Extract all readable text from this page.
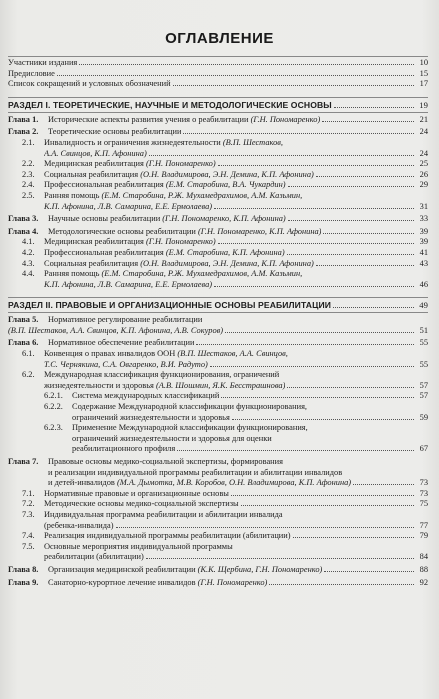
ОГЛАВЛЕНИЕ
Участники издания	10
Предисловие	15
Список сокращений и условных обозначений	17
РАЗДЕЛ I. ТЕОРЕТИЧЕСКИЕ, НАУЧНЫЕ И МЕТОДОЛОГИЧЕСКИЕ ОСНОВЫ	19
Глава 1.	Исторические аспекты развития учения о реабилитации (Г.Н. Пономаренко)	21
Глава 2.	Теоретические основы реабилитации	24
2.1.	Инвалидность и ограничения жизнедеятельности (В.П. Шестаков,
А.А. Свинцов, К.П. Афонина)	24
2.2.	Медицинская реабилитация (Г.Н. Пономаренко)	25
2.3.	Социальная реабилитация (О.Н. Владимирова, Э.Н. Демина, К.П. Афонина)	26
2.4.	Профессиональная реабилитация (Е.М. Старобина, В.А. Чукардин)	29
2.5.	Ранняя помощь (Е.М. Старобина, Р.Ж. Мухамедрахимов, А.М. Казьмин,
К.П. Афонина, Л.В. Самарина, Е.Е. Ермолаева)	31
Глава 3.	Научные основы реабилитации (Г.Н. Пономаренко, К.П. Афонина)	33
Глава 4.	Методологические основы реабилитации (Г.Н. Пономаренко, К.П. Афонина)	39
4.1.	Медицинская реабилитация (Г.Н. Пономаренко)	39
4.2.	Профессиональная реабилитация (Е.М. Старобина, К.П. Афонина)	41
4.3.	Социальная реабилитация (О.Н. Владимирова, Э.Н. Демина, К.П. Афонина)	43
4.4.	Ранняя помощь (Е.М. Старобина, Р.Ж. Мухамедрахимов, А.М. Казьмин,
К.П. Афонина, Л.В. Самарина, Е.Е. Ермолаева)	46
РАЗДЕЛ II. ПРАВОВЫЕ И ОРГАНИЗАЦИОННЫЕ ОСНОВЫ РЕАБИЛИТАЦИИ	49
Глава 5.	Нормативное регулирование реабилитации
(В.П. Шестаков, А.А. Свинцов, К.П. Афонина, А.В. Сокуров)	51
Глава 6.	Нормативное обеспечение реабилитации	55
6.1.	Конвенция о правах инвалидов ООН (В.П. Шестаков, А.А. Свинцов,
Т.С. Чернякина, С.А. Овгаренко, В.И. Радуто)	55
6.2.	Международная классификация функционирования, ограничений
жизнедеятельности и здоровья (А.В. Шошмин, Я.К. Бесстрашнова)	57
6.2.1.	Система международных классификаций	57
6.2.2.	Содержание Международной классификации функционирования,
ограничений жизнедеятельности и здоровья	59
6.2.3.	Применение Международной классификации функционирования,
ограничений жизнедеятельности и здоровья для оценки
реабилитационного профиля	67
Глава 7.	Правовые основы медико-социальной экспертизы, формирования
и реализации индивидуальной программы реабилитации и абилитации инвалидов
и детей-инвалидов (М.А. Дымотка, М.В. Коробов, О.Н. Владимирова, К.П. Афонина)	73
7.1.	Нормативные правовые и организационные основы	73
7.2.	Методические основы медико-социальной экспертизы	75
7.3.	Индивидуальная программа реабилитации и абилитации инвалида
(ребенка-инвалида)	77
7.4.	Реализация индивидуальной программы реабилитации (абилитации)	79
7.5.	Основные мероприятия индивидуальной программы
реабилитации (абилитации)	84
Глава 8.	Организация медицинской реабилитации (К.К. Щербина, Г.Н. Пономаренко)	88
Глава 9.	Санаторно-курортное лечение инвалидов (Г.Н. Пономаренко)	92
